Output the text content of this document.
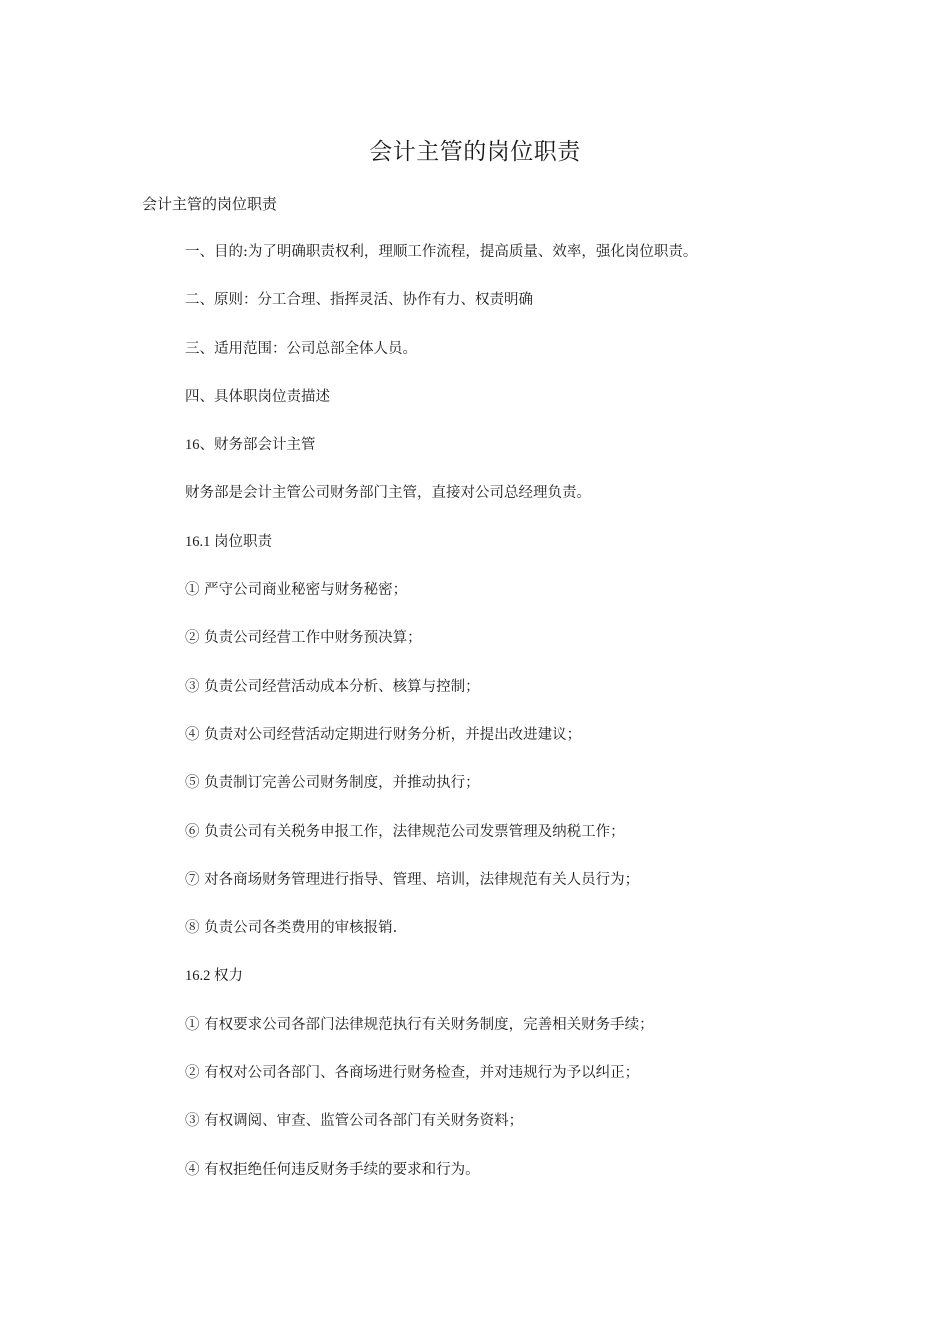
会计主管的岗位职责

会计主管的岗位职责

一、目的:为了明确职责权利，理顺工作流程，提高质量、效率，强化岗位职责。
二、原则：分工合理、指挥灵活、协作有力、权责明确
三、适用范围：公司总部全体人员。
四、具体职岗位责描述
16、财务部会计主管
财务部是会计主管公司财务部门主管，直接对公司总经理负责。
16.1 岗位职责
① 严守公司商业秘密与财务秘密；
② 负责公司经营工作中财务预决算；
③ 负责公司经营活动成本分析、核算与控制；
④ 负责对公司经营活动定期进行财务分析，并提出改进建议；
⑤ 负责制订完善公司财务制度，并推动执行；
⑥ 负责公司有关税务申报工作，法律规范公司发票管理及纳税工作；
⑦ 对各商场财务管理进行指导、管理、培训，法律规范有关人员行为；
⑧ 负责公司各类费用的审核报销.
16.2 权力
① 有权要求公司各部门法律规范执行有关财务制度，完善相关财务手续；
② 有权对公司各部门、各商场进行财务检查，并对违规行为予以纠正；
③ 有权调阅、审查、监管公司各部门有关财务资料；
④ 有权拒绝任何违反财务手续的要求和行为。
